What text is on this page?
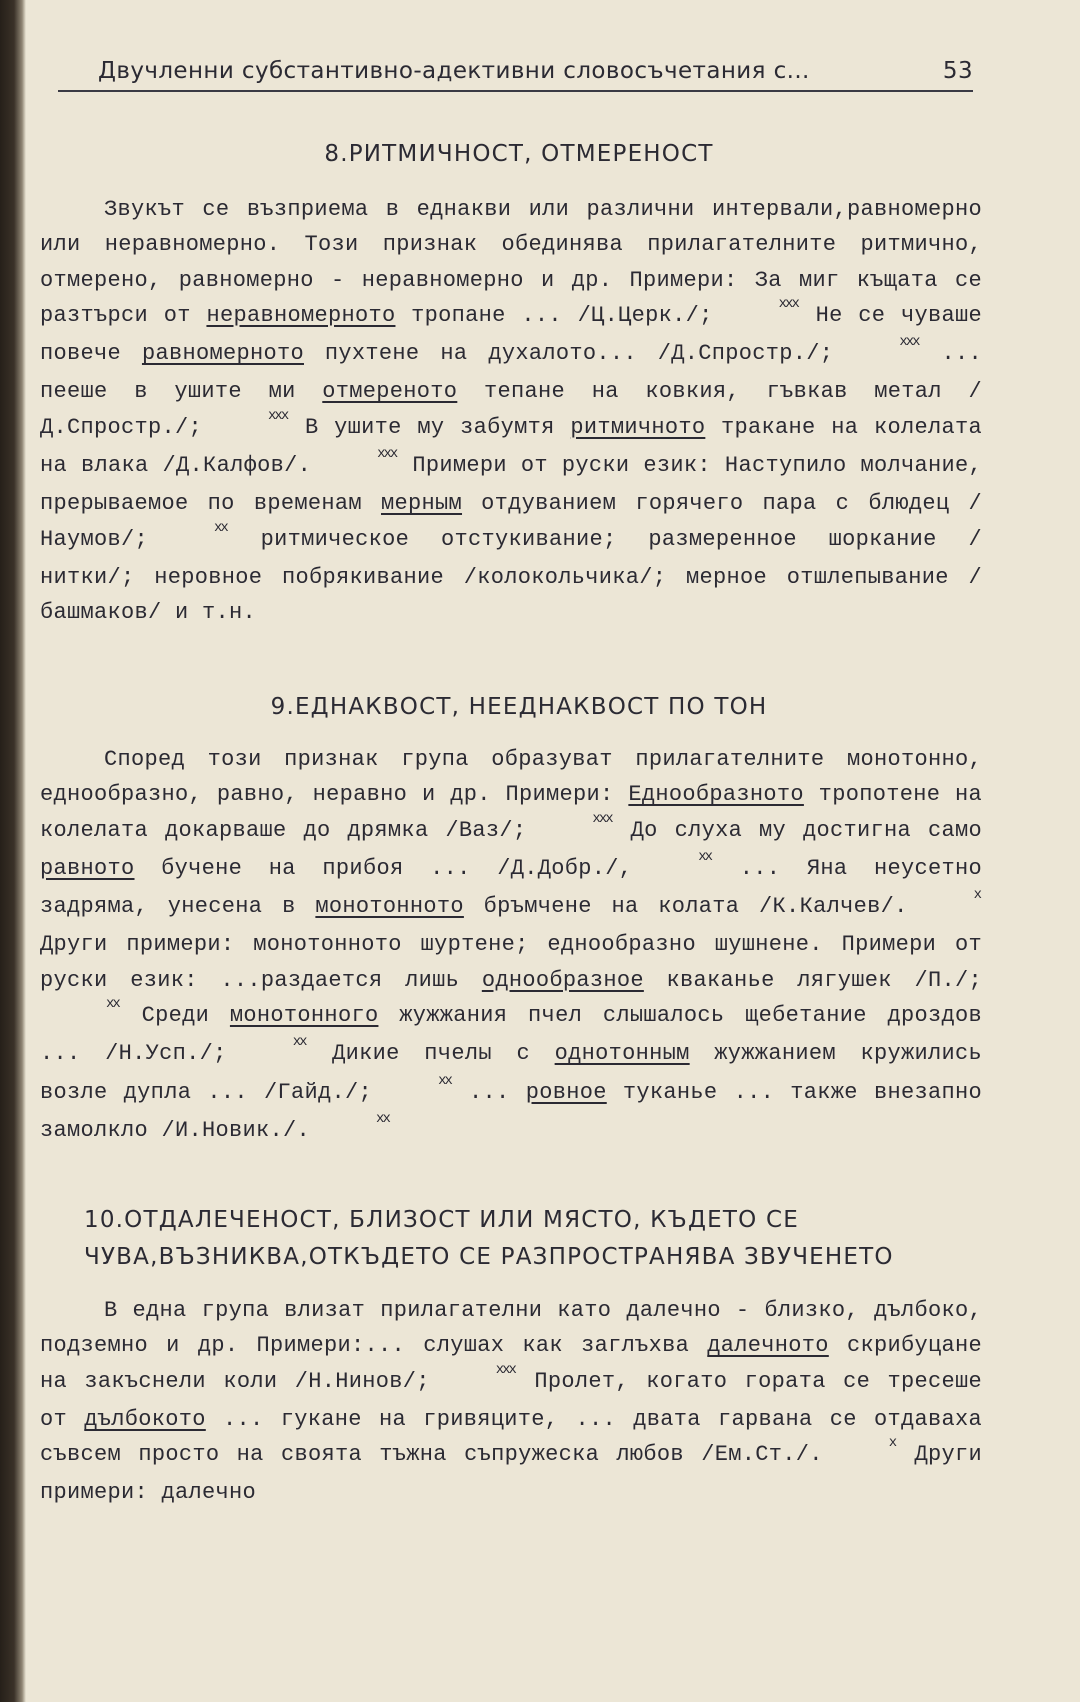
Двучленни субстантивно-адективни словосъчетания с...	53
8.РИТМИЧНОСТ, ОТМЕРЕНОСТ

Звукът се възприема в еднакви или различни интервали,равномерно или неравномерно. Този признак обединява прилагателните ритмично, отмерено, равномерно - неравномерно и др. Примери: За миг къщата се разтърси от неравномерното тропане ... /Ц.Церк./;	ххх Не се чуваше повече равномерното пухтене на духалото... /Д.Спростр./;	ххх ... пееше в ушите ми отмереното тепане на ковкия, гъвкав метал /Д.Спростр./;	ххх В ушите му забумтя ритмичното тракане на колелата на влака /Д.Калфов/.	ххх Примери от руски език: Наступило молчание, прерываемое по временам мерным отдуванием горячего пара с блюдец /Наумов/;	хх ритмическое отстукивание; размеренное шоркание /нитки/; неровное побрякивание /колокольчика/; мерное отшлепывание /башмаков/ и т.н.

9.ЕДНАКВОСТ, НЕЕДНАКВОСТ ПО ТОН

Според този признак група образуват прилагателните монотонно, еднообразно, равно, неравно и др. Примери: Еднообразното тропотене на колелата докарваше до дрямка /Ваз/;	ххх До слуха му достигна само равното бучене на прибоя ... /Д.Добр./,	хх ... Яна неусетно задряма, унесена в монотонното бръмчене на колата /К.Калчев/.	х Други примери: монотонното шуртене; еднообразно шушнене. Примери от руски език: ...раздается лишь однообразное кваканье лягушек /П./;хх Среди монотонного жужжания пчел слышалось щебетание дроздов ... /Н.Усп./;	хх Дикие пчелы с однотонным жужжанием кружились возле дупла ... /Гайд./;	хх ... ровное туканье ... также внезапно замолкло /И.Новик./.	хх

10.ОТДАЛЕЧЕНОСТ, БЛИЗОСТ ИЛИ МЯСТО, КЪДЕТО СЕ ЧУВА,ВЪЗНИКВА,ОТКЪДЕТО СЕ РАЗПРОСТРАНЯВА ЗВУЧЕНЕТО

В една група влизат прилагателни като далечно - близко, дълбоко, подземно и др. Примери:... слушах как заглъхва далечното скрибуцане на закъснели коли /Н.Нинов/;	ххх Пролет, когато гората се тресеше от дълбокото ... гукане на гривяците, ... двата гарвана се отдаваха съвсем просто на своята тъжна съпружеска любов /Ем.Ст./.	х Други примери: далечно
